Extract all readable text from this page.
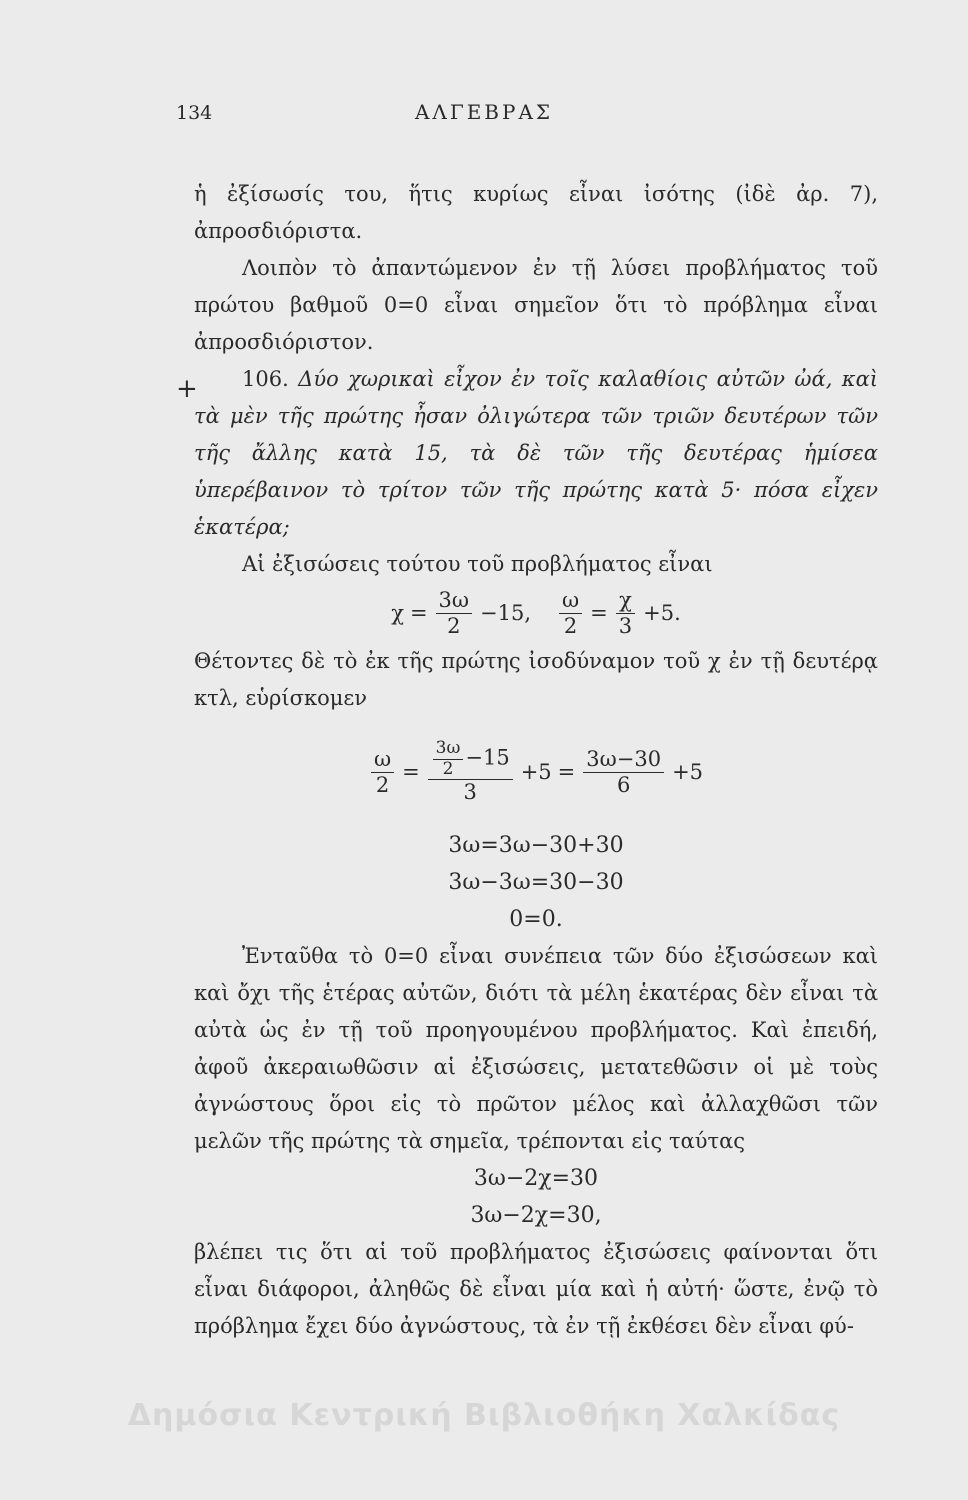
134	ΑΛΓΕΒΡΑΣ
+

ἡ ἐξίσωσίς του, ἥτις κυρίως εἶναι ἰσότης (ἰδὲ ἀρ. 7), ἀπροσδιόριστα.

Λοιπὸν τὸ ἀπαντώμενον ἐν τῇ λύσει προβλήματος τοῦ πρώτου βαθμοῦ 0=0 εἶναι σημεῖον ὅτι τὸ πρόβλημα εἶναι ἀπροσδιόριστον.

106. Δύο χωρικαὶ εἶχον ἐν τοῖς καλαθίοις αὐτῶν ὠά, καὶ τὰ μὲν τῆς πρώτης ἦσαν ὀλιγώτερα τῶν τριῶν δευτέρων τῶν τῆς ἄλλης κατὰ 15, τὰ δὲ τῶν τῆς δευτέρας ἡμίσεα ὑπερέβαινον τὸ τρίτον τῶν τῆς πρώτης κατὰ 5· πόσα εἶχεν ἑκατέρα;

Αἱ ἐξισώσεις τούτου τοῦ προβλήματος εἶναι

$\chi = \frac{3\omega}{2} -15$, $\frac{\omega}{2} = \frac{\chi}{3} +5$.

Θέτοντες δὲ τὸ ἐκ τῆς πρώτης ἰσοδύναμον τοῦ χ ἐν τῇ δευτέρᾳ κτλ, εὑρίσκομεν

$\frac{\omega}{2} = \frac{\frac{3\omega}{2} -15}{3} +5 = \frac{3\omega-30}{6} +5$

3ω=3ω−30+30

3ω−3ω=30−30

0=0.

Ἐνταῦθα τὸ 0=0 εἶναι συνέπεια τῶν δύο ἐξισώσεων καὶ καὶ ὄχι τῆς ἑτέρας αὐτῶν, διότι τὰ μέλη ἑκατέρας δὲν εἶναι τὰ αὐτὰ ὡς ἐν τῇ τοῦ προηγουμένου προβλήματος. Καὶ ἐπειδή, ἀφοῦ ἀκεραιωθῶσιν αἱ ἐξισώσεις, μετατεθῶσιν οἱ μὲ τοὺς ἀγνώστους ὅροι εἰς τὸ πρῶτον μέλος καὶ ἀλλαχθῶσι τῶν μελῶν τῆς πρώτης τὰ σημεῖα, τρέπονται εἰς ταύτας

3ω−2χ=30

3ω−2χ=30,

βλέπει τις ὅτι αἱ τοῦ προβλήματος ἐξισώσεις φαίνονται ὅτι εἶναι διάφοροι, ἀληθῶς δὲ εἶναι μία καὶ ἡ αὐτή· ὥστε, ἐνῷ τὸ πρόβλημα ἔχει δύο ἀγνώστους, τὰ ἐν τῇ ἐκθέσει δὲν εἶναι φύ-

Δημόσια Κεντρική Βιβλιοθήκη Χαλκίδας
